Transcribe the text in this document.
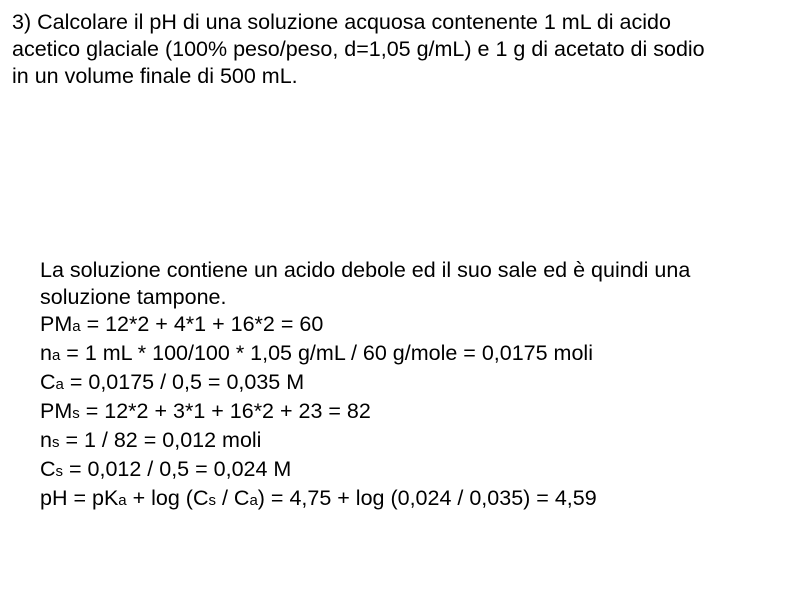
3) Calcolare il pH di una soluzione acquosa contenente 1 mL di acido
acetico glaciale (100% peso/peso, d=1,05 g/mL) e 1 g di acetato di sodio
in un volume finale di 500 mL.

La soluzione contiene un acido debole ed il suo sale ed è quindi una
soluzione tampone.

PMa = 12*2 + 4*1 + 16*2 = 60
na = 1 mL * 100/100 * 1,05 g/mL / 60 g/mole = 0,0175 moli
Ca = 0,0175 / 0,5 = 0,035 M

PMs = 12*2 + 3*1 + 16*2 + 23 = 82
ns = 1 / 82 = 0,012 moli
Cs = 0,012 / 0,5 = 0,024 M

pH = pKa + log (Cs / Ca) = 4,75 + log (0,024 / 0,035) = 4,59
